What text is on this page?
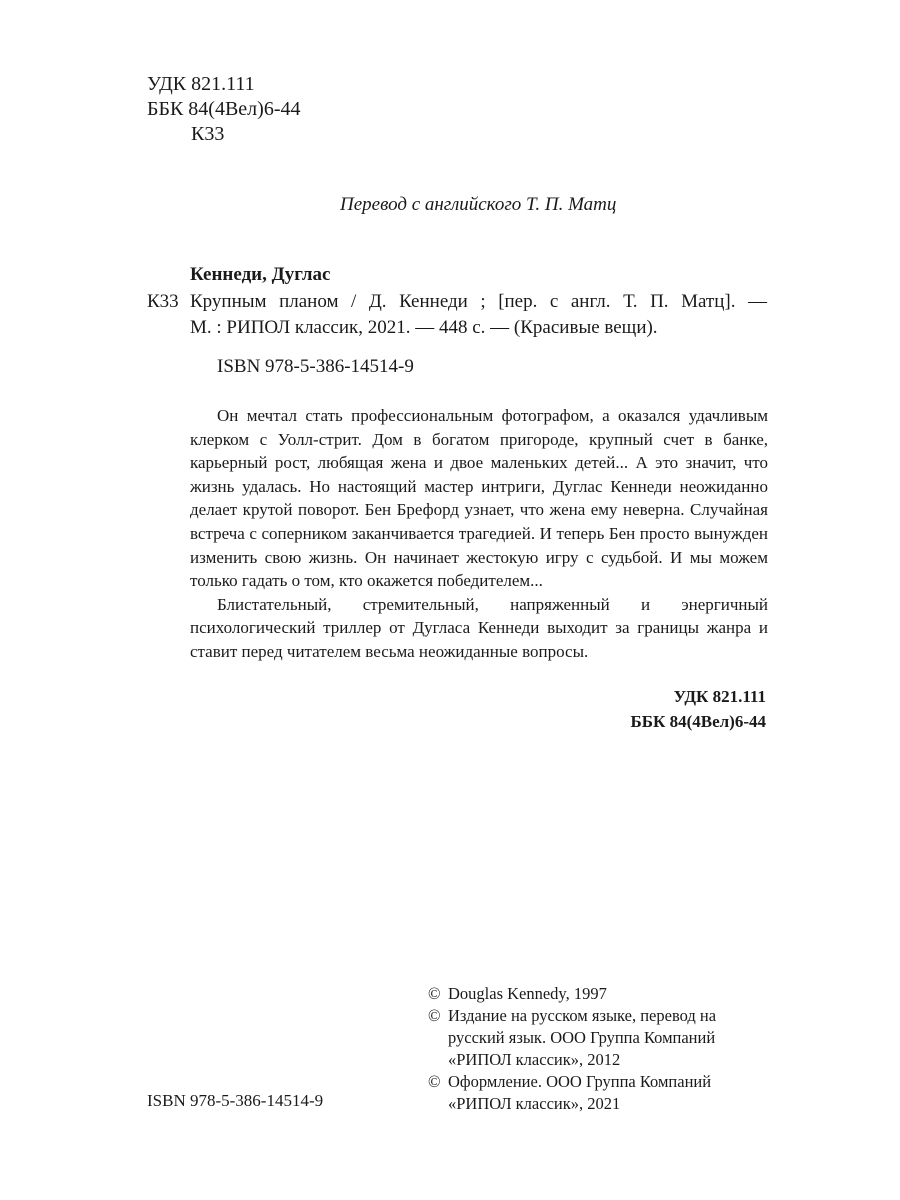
УДК 821.111
ББК 84(4Вел)6-44
К33
Перевод с английского Т. П. Матц
Кеннеди, Дуглас
К33 Крупным планом / Д. Кеннеди ; [пер. с англ. Т. П. Матц]. —
М. : РИПОЛ классик, 2021. — 448 с. — (Красивые вещи).
ISBN 978-5-386-14514-9

Он мечтал стать профессиональным фотографом, а оказался удачливым клерком с Уолл-стрит. Дом в богатом пригороде, крупный счет в банке, карьерный рост, любящая жена и двое маленьких детей... А это значит, что жизнь удалась. Но настоящий мастер интриги, Дуглас Кеннеди неожиданно делает крутой поворот. Бен Брефорд узнает, что жена ему неверна. Случайная встреча с соперником заканчивается трагедией. И теперь Бен просто вынужден изменить свою жизнь. Он начинает жестокую игру с судьбой. И мы можем только гадать о том, кто окажется победителем...

Блистательный, стремительный, напряженный и энергичный психологический триллер от Дугласа Кеннеди выходит за границы жанра и ставит перед читателем весьма неожиданные вопросы.

УДК 821.111
ББК 84(4Вел)6-44
© Douglas Kennedy, 1997
© Издание на русском языке, перевод на русский язык. ООО Группа Компаний «РИПОЛ классик», 2012
© Оформление. ООО Группа Компаний «РИПОЛ классик», 2021
ISBN 978-5-386-14514-9
